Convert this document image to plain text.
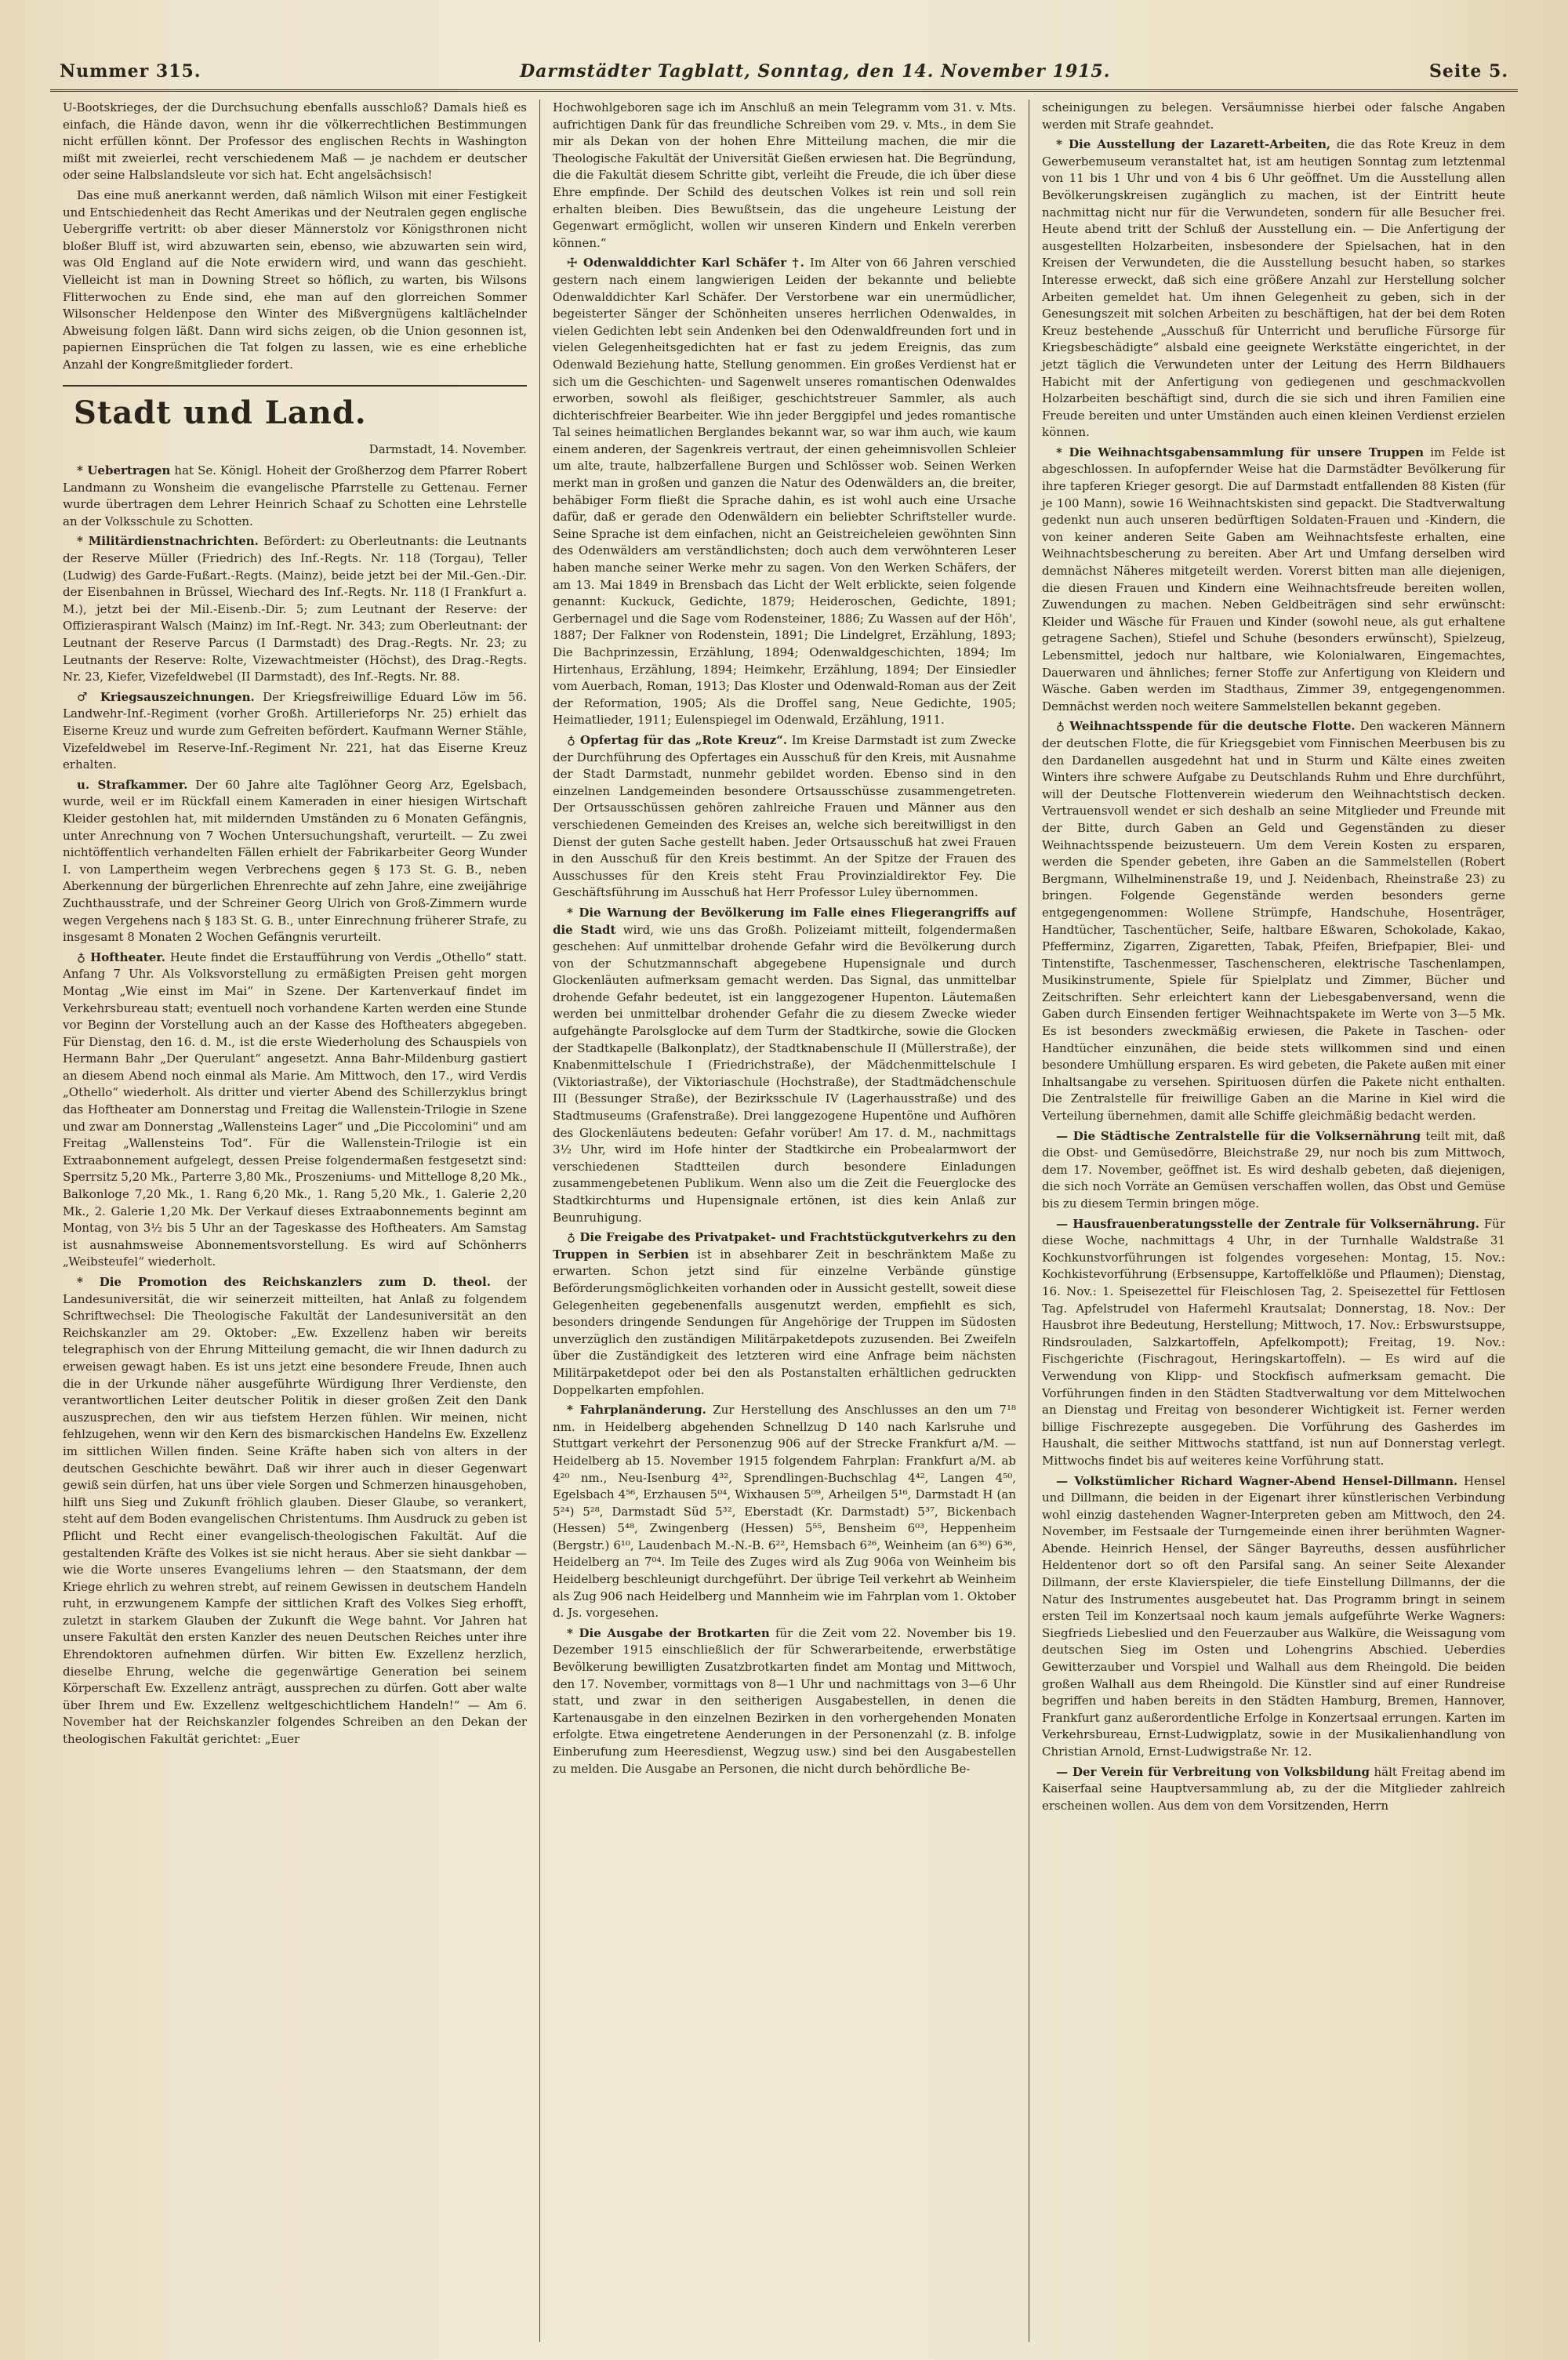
Nummer 315.	Darmstädter Tagblatt, Sonntag, den 14. November 1915.	Seite 5.

U-Bootskrieges, der die Durchsuchung ebenfalls ausschloß? Damals hieß es einfach, die Hände davon, wenn ihr die völkerrechtlichen Bestimmungen nicht erfüllen könnt. Der Professor des englischen Rechts in Washington mißt mit zweierlei, recht verschiedenem Maß — je nachdem er deutscher oder seine Halbslandsleute vor sich hat. Echt angelsächsisch!

Das eine muß anerkannt werden, daß nämlich Wilson mit einer Festigkeit und Entschiedenheit das Recht Amerikas und der Neutralen gegen englische Uebergriffe vertritt: ob aber dieser Männerstolz vor Königsthronen nicht bloßer Bluff ist, wird abzuwarten sein, ebenso, wie abzuwarten sein wird, was Old England auf die Note erwidern wird, und wann das geschieht. Vielleicht ist man in Downing Street so höflich, zu warten, bis Wilsons Flitterwochen zu Ende sind, ehe man auf den glorreichen Sommer Wilsonscher Heldenpose den Winter des Mißvergnügens kaltlächelnder Abweisung folgen läßt. Dann wird sichs zeigen, ob die Union gesonnen ist, papiernen Einsprüchen die Tat folgen zu lassen, wie es eine erhebliche Anzahl der Kongreßmitglieder fordert.

Stadt und Land.
Darmstadt, 14. November.

* Uebertragen hat Se. Königl. Hoheit der Großherzog dem Pfarrer Robert Landmann zu Wonsheim die evangelische Pfarrstelle zu Gettenau. Ferner wurde übertragen dem Lehrer Heinrich Schaaf zu Schotten eine Lehrstelle an der Volksschule zu Schotten.

* Militärdienstnachrichten. Befördert: zu Oberleutnants: die Leutnants der Reserve Müller (Friedrich) des Inf.-Regts. Nr. 118 (Torgau), Teller (Ludwig) des Garde-Fußart.-Regts. (Mainz), beide jetzt bei der Mil.-Gen.-Dir. der Eisenbahnen in Brüssel, Wiechard des Inf.-Regts. Nr. 118 (I Frankfurt a. M.), jetzt bei der Mil.-Eisenb.-Dir. 5; zum Leutnant der Reserve: der Offizieraspirant Walsch (Mainz) im Inf.-Regt. Nr. 343; zum Oberleutnant: der Leutnant der Reserve Parcus (I Darmstadt) des Drag.-Regts. Nr. 23; zu Leutnants der Reserve: Rolte, Vizewachtmeister (Höchst), des Drag.-Regts. Nr. 23, Kiefer, Vizefeldwebel (II Darmstadt), des Inf.-Regts. Nr. 88.

♂ Kriegsauszeichnungen. Der Kriegsfreiwillige Eduard Löw im 56. Landwehr-Inf.-Regiment (vorher Großh. Artillerieforps Nr. 25) erhielt das Eiserne Kreuz und wurde zum Gefreiten befördert. Kaufmann Werner Stähle, Vizefeldwebel im Reserve-Inf.-Regiment Nr. 221, hat das Eiserne Kreuz erhalten.

u. Strafkammer. Der 60 Jahre alte Taglöhner Georg Arz, Egelsbach, wurde, weil er im Rückfall einem Kameraden in einer hiesigen Wirtschaft Kleider gestohlen hat, mit mildernden Umständen zu 6 Monaten Gefängnis, unter Anrechnung von 7 Wochen Untersuchungshaft, verurteilt. — Zu zwei nichtöffentlich verhandelten Fällen erhielt der Fabrikarbeiter Georg Wunder I. von Lampertheim wegen Verbrechens gegen § 173 St. G. B., neben Aberkennung der bürgerlichen Ehrenrechte auf zehn Jahre, eine zweijährige Zuchthausstrafe, und der Schreiner Georg Ulrich von Groß-Zimmern wurde wegen Vergehens nach § 183 St. G. B., unter Einrechnung früherer Strafe, zu insgesamt 8 Monaten 2 Wochen Gefängnis verurteilt.

♁ Hoftheater. Heute findet die Erstaufführung von Verdis „Othello“ statt. Anfang 7 Uhr. Als Volksvorstellung zu ermäßigten Preisen geht morgen Montag „Wie einst im Mai“ in Szene. Der Kartenverkauf findet im Verkehrsbureau statt; eventuell noch vorhandene Karten werden eine Stunde vor Beginn der Vorstellung auch an der Kasse des Hoftheaters abgegeben. Für Dienstag, den 16. d. M., ist die erste Wiederholung des Schauspiels von Hermann Bahr „Der Querulant“ angesetzt. Anna Bahr-Mildenburg gastiert an diesem Abend noch einmal als Marie. Am Mittwoch, den 17., wird Verdis „Othello“ wiederholt. Als dritter und vierter Abend des Schillerzyklus bringt das Hoftheater am Donnerstag und Freitag die Wallenstein-Trilogie in Szene und zwar am Donnerstag „Wallensteins Lager“ und „Die Piccolomini“ und am Freitag „Wallensteins Tod“. Für die Wallenstein-Trilogie ist ein Extraabonnement aufgelegt, dessen Preise folgendermaßen festgesetzt sind: Sperrsitz 5,20 Mk., Parterre 3,80 Mk., Proszeniums- und Mittelloge 8,20 Mk., Balkonloge 7,20 Mk., 1. Rang 6,20 Mk., 1. Rang 5,20 Mk., 1. Galerie 2,20 Mk., 2. Galerie 1,20 Mk. Der Verkauf dieses Extraabonnements beginnt am Montag, von 3½ bis 5 Uhr an der Tageskasse des Hoftheaters. Am Samstag ist ausnahmsweise Abonnementsvorstellung. Es wird auf Schönherrs „Weibsteufel“ wiederholt.

* Die Promotion des Reichskanzlers zum D. theol. der Landesuniversität, die wir seinerzeit mitteilten, hat Anlaß zu folgendem Schriftwechsel: Die Theologische Fakultät der Landesuniversität an den Reichskanzler am 29. Oktober: „Ew. Exzellenz haben wir bereits telegraphisch von der Ehrung Mitteilung gemacht, die wir Ihnen dadurch zu erweisen gewagt haben. Es ist uns jetzt eine besondere Freude, Ihnen auch die in der Urkunde näher ausgeführte Würdigung Ihrer Verdienste, den verantwortlichen Leiter deutscher Politik in dieser großen Zeit den Dank auszusprechen, den wir aus tiefstem Herzen fühlen. Wir meinen, nicht fehlzugehen, wenn wir den Kern des bismarckischen Handelns Ew. Exzellenz im sittlichen Willen finden. Seine Kräfte haben sich von alters in der deutschen Geschichte bewährt. Daß wir ihrer auch in dieser Gegenwart gewiß sein dürfen, hat uns über viele Sorgen und Schmerzen hinausgehoben, hilft uns Sieg und Zukunft fröhlich glauben. Dieser Glaube, so verankert, steht auf dem Boden evangelischen Christentums. Ihm Ausdruck zu geben ist Pflicht und Recht einer evangelisch-theologischen Fakultät. Auf die gestaltenden Kräfte des Volkes ist sie nicht heraus. Aber sie sieht dankbar — wie die Worte unseres Evangeliums lehren — den Staatsmann, der dem Kriege ehrlich zu wehren strebt, auf reinem Gewissen in deutschem Handeln ruht, in erzwungenem Kampfe der sittlichen Kraft des Volkes Sieg erhofft, zuletzt in starkem Glauben der Zukunft die Wege bahnt. Vor Jahren hat unsere Fakultät den ersten Kanzler des neuen Deutschen Reiches unter ihre Ehrendoktoren aufnehmen dürfen. Wir bitten Ew. Exzellenz herzlich, dieselbe Ehrung, welche die gegenwärtige Generation bei seinem Körperschaft Ew. Exzellenz anträgt, aussprechen zu dürfen. Gott aber walte über Ihrem und Ew. Exzellenz weltgeschichtlichem Handeln!“ — Am 6. November hat der Reichskanzler folgendes Schreiben an den Dekan der theologischen Fakultät gerichtet: „Euer

Hochwohlgeboren sage ich im Anschluß an mein Telegramm vom 31. v. Mts. aufrichtigen Dank für das freundliche Schreiben vom 29. v. Mts., in dem Sie mir als Dekan von der hohen Ehre Mitteilung machen, die mir die Theologische Fakultät der Universität Gießen erwiesen hat. Die Begründung, die die Fakultät diesem Schritte gibt, verleiht die Freude, die ich über diese Ehre empfinde. Der Schild des deutschen Volkes ist rein und soll rein erhalten bleiben. Dies Bewußtsein, das die ungeheure Leistung der Gegenwart ermöglicht, wollen wir unseren Kindern und Enkeln vererben können.“

☩ Odenwalddichter Karl Schäfer †. Im Alter von 66 Jahren verschied gestern nach einem langwierigen Leiden der bekannte und beliebte Odenwalddichter Karl Schäfer. Der Verstorbene war ein unermüdlicher, begeisterter Sänger der Schönheiten unseres herrlichen Odenwaldes, in vielen Gedichten lebt sein Andenken bei den Odenwaldfreunden fort und in vielen Gelegenheitsgedichten hat er fast zu jedem Ereignis, das zum Odenwald Beziehung hatte, Stellung genommen. Ein großes Verdienst hat er sich um die Geschichten- und Sagenwelt unseres romantischen Odenwaldes erworben, sowohl als fleißiger, geschichtstreuer Sammler, als auch dichterischfreier Bearbeiter. Wie ihn jeder Berggipfel und jedes romantische Tal seines heimatlichen Berglandes bekannt war, so war ihm auch, wie kaum einem anderen, der Sagenkreis vertraut, der einen geheimnisvollen Schleier um alte, traute, halbzerfallene Burgen und Schlösser wob. Seinen Werken merkt man in großen und ganzen die Natur des Odenwälders an, die breiter, behäbiger Form fließt die Sprache dahin, es ist wohl auch eine Ursache dafür, daß er gerade den Odenwäldern ein beliebter Schriftsteller wurde. Seine Sprache ist dem einfachen, nicht an Geistreicheleien gewöhnten Sinn des Odenwälders am verständlichsten; doch auch dem verwöhnteren Leser haben manche seiner Werke mehr zu sagen. Von den Werken Schäfers, der am 13. Mai 1849 in Brensbach das Licht der Welt erblickte, seien folgende genannt: Kuckuck, Gedichte, 1879; Heideroschen, Gedichte, 1891; Gerbernagel und die Sage vom Rodensteiner, 1886; Zu Wassen auf der Höh', 1887; Der Falkner von Rodenstein, 1891; Die Lindelgret, Erzählung, 1893; Die Bachprinzessin, Erzählung, 1894; Odenwaldgeschichten, 1894; Im Hirtenhaus, Erzählung, 1894; Heimkehr, Erzählung, 1894; Der Einsiedler vom Auerbach, Roman, 1913; Das Kloster und Odenwald-Roman aus der Zeit der Reformation, 1905; Als die Droffel sang, Neue Gedichte, 1905; Heimatlieder, 1911; Eulenspiegel im Odenwald, Erzählung, 1911.

♁ Opfertag für das „Rote Kreuz“. Im Kreise Darmstadt ist zum Zwecke der Durchführung des Opfertages ein Ausschuß für den Kreis, mit Ausnahme der Stadt Darmstadt, nunmehr gebildet worden. Ebenso sind in den einzelnen Landgemeinden besondere Ortsausschüsse zusammengetreten. Der Ortsausschüssen gehören zahlreiche Frauen und Männer aus den verschiedenen Gemeinden des Kreises an, welche sich bereitwilligst in den Dienst der guten Sache gestellt haben. Jeder Ortsausschuß hat zwei Frauen in den Ausschuß für den Kreis bestimmt. An der Spitze der Frauen des Ausschusses für den Kreis steht Frau Provinzialdirektor Fey. Die Geschäftsführung im Ausschuß hat Herr Professor Luley übernommen.

* Die Warnung der Bevölkerung im Falle eines Fliegerangriffs auf die Stadt wird, wie uns das Großh. Polizeiamt mitteilt, folgendermaßen geschehen: Auf unmittelbar drohende Gefahr wird die Bevölkerung durch von der Schutzmannschaft abgegebene Hupensignale und durch Glockenläuten aufmerksam gemacht werden. Das Signal, das unmittelbar drohende Gefahr bedeutet, ist ein langgezogener Hupenton. Läutemaßen werden bei unmittelbar drohender Gefahr die zu diesem Zwecke wieder aufgehängte Parolsglocke auf dem Turm der Stadtkirche, sowie die Glocken der Stadtkapelle (Balkonplatz), der Stadtknabenschule II (Müllerstraße), der Knabenmittelschule I (Friedrichstraße), der Mädchenmittelschule I (Viktoriastraße), der Viktoriaschule (Hochstraße), der Stadtmädchenschule III (Bessunger Straße), der Bezirksschule IV (Lagerhausstraße) und des Stadtmuseums (Grafenstraße). Drei langgezogene Hupentöne und Aufhören des Glockenläutens bedeuten: Gefahr vorüber! Am 17. d. M., nachmittags 3½ Uhr, wird im Hofe hinter der Stadtkirche ein Probealarmwort der verschiedenen Stadtteilen durch besondere Einladungen zusammengebetenen Publikum. Wenn also um die Zeit die Feuerglocke des Stadtkirchturms und Hupensignale ertönen, ist dies kein Anlaß zur Beunruhigung.

♁ Die Freigabe des Privatpaket- und Frachtstückgutverkehrs zu den Truppen in Serbien ist in absehbarer Zeit in beschränktem Maße zu erwarten. Schon jetzt sind für einzelne Verbände günstige Beförderungsmöglichkeiten vorhanden oder in Aussicht gestellt, soweit diese Gelegenheiten gegebenenfalls ausgenutzt werden, empfiehlt es sich, besonders dringende Sendungen für Angehörige der Truppen im Südosten unverzüglich den zuständigen Militärpaketdepots zuzusenden. Bei Zweifeln über die Zuständigkeit des letzteren wird eine Anfrage beim nächsten Militärpaketdepot oder bei den als Postanstalten erhältlichen gedruckten Doppelkarten empfohlen.

* Fahrplanänderung. Zur Herstellung des Anschlusses an den um 7¹⁸ nm. in Heidelberg abgehenden Schnellzug D 140 nach Karlsruhe und Stuttgart verkehrt der Personenzug 906 auf der Strecke Frankfurt a/M. — Heidelberg ab 15. November 1915 folgendem Fahrplan: Frankfurt a/M. ab 4²⁰ nm., Neu-Isenburg 4³², Sprendlingen-Buchschlag 4⁴², Langen 4⁵⁰, Egelsbach 4⁵⁶, Erzhausen 5⁰⁴, Wixhausen 5⁰⁹, Arheilgen 5¹⁶, Darmstadt H (an 5²⁴) 5²⁸, Darmstadt Süd 5³², Eberstadt (Kr. Darmstadt) 5³⁷, Bickenbach (Hessen) 5⁴⁸, Zwingenberg (Hessen) 5⁵⁵, Bensheim 6⁰³, Heppenheim (Bergstr.) 6¹⁰, Laudenbach M.-N.-B. 6²², Hemsbach 6²⁶, Weinheim (an 6³⁰) 6³⁶, Heidelberg an 7⁰⁴. Im Teile des Zuges wird als Zug 906a von Weinheim bis Heidelberg beschleunigt durchgeführt. Der übrige Teil verkehrt ab Weinheim als Zug 906 nach Heidelberg und Mannheim wie im Fahrplan vom 1. Oktober d. Js. vorgesehen.

* Die Ausgabe der Brotkarten für die Zeit vom 22. November bis 19. Dezember 1915 einschließlich der für Schwerarbeitende, erwerbstätige Bevölkerung bewilligten Zusatzbrotkarten findet am Montag und Mittwoch, den 17. November, vormittags von 8—1 Uhr und nachmittags von 3—6 Uhr statt, und zwar in den seitherigen Ausgabestellen, in denen die Kartenausgabe in den einzelnen Bezirken in den vorhergehenden Monaten erfolgte. Etwa eingetretene Aenderungen in der Personenzahl (z. B. infolge Einberufung zum Heeresdienst, Wegzug usw.) sind bei den Ausgabestellen zu melden. Die Ausgabe an Personen, die nicht durch behördliche Be-

scheinigungen zu belegen. Versäumnisse hierbei oder falsche Angaben werden mit Strafe geahndet.

* Die Ausstellung der Lazarett-Arbeiten, die das Rote Kreuz in dem Gewerbemuseum veranstaltet hat, ist am heutigen Sonntag zum letztenmal von 11 bis 1 Uhr und von 4 bis 6 Uhr geöffnet. Um die Ausstellung allen Bevölkerungskreisen zugänglich zu machen, ist der Eintritt heute nachmittag nicht nur für die Verwundeten, sondern für alle Besucher frei. Heute abend tritt der Schluß der Ausstellung ein. — Die Anfertigung der ausgestellten Holzarbeiten, insbesondere der Spielsachen, hat in den Kreisen der Verwundeten, die die Ausstellung besucht haben, so starkes Interesse erweckt, daß sich eine größere Anzahl zur Herstellung solcher Arbeiten gemeldet hat. Um ihnen Gelegenheit zu geben, sich in der Genesungszeit mit solchen Arbeiten zu beschäftigen, hat der bei dem Roten Kreuz bestehende „Ausschuß für Unterricht und berufliche Fürsorge für Kriegsbeschädigte“ alsbald eine geeignete Werkstätte eingerichtet, in der jetzt täglich die Verwundeten unter der Leitung des Herrn Bildhauers Habicht mit der Anfertigung von gediegenen und geschmackvollen Holzarbeiten beschäftigt sind, durch die sie sich und ihren Familien eine Freude bereiten und unter Umständen auch einen kleinen Verdienst erzielen können.

* Die Weihnachtsgabensammlung für unsere Truppen im Felde ist abgeschlossen. In aufopfernder Weise hat die Darmstädter Bevölkerung für ihre tapferen Krieger gesorgt. Die auf Darmstadt entfallenden 88 Kisten (für je 100 Mann), sowie 16 Weihnachtskisten sind gepackt. Die Stadtverwaltung gedenkt nun auch unseren bedürftigen Soldaten-Frauen und -Kindern, die von keiner anderen Seite Gaben am Weihnachtsfeste erhalten, eine Weihnachtsbescherung zu bereiten. Aber Art und Umfang derselben wird demnächst Näheres mitgeteilt werden. Vorerst bitten man alle diejenigen, die diesen Frauen und Kindern eine Weihnachtsfreude bereiten wollen, Zuwendungen zu machen. Neben Geldbeiträgen sind sehr erwünscht: Kleider und Wäsche für Frauen und Kinder (sowohl neue, als gut erhaltene getragene Sachen), Stiefel und Schuhe (besonders erwünscht), Spielzeug, Lebensmittel, jedoch nur haltbare, wie Kolonialwaren, Eingemachtes, Dauerwaren und ähnliches; ferner Stoffe zur Anfertigung von Kleidern und Wäsche. Gaben werden im Stadthaus, Zimmer 39, entgegengenommen. Demnächst werden noch weitere Sammelstellen bekannt gegeben.

♁ Weihnachtsspende für die deutsche Flotte. Den wackeren Männern der deutschen Flotte, die für Kriegsgebiet vom Finnischen Meerbusen bis zu den Dardanellen ausgedehnt hat und in Sturm und Kälte eines zweiten Winters ihre schwere Aufgabe zu Deutschlands Ruhm und Ehre durchführt, will der Deutsche Flottenverein wiederum den Weihnachtstisch decken. Vertrauensvoll wendet er sich deshalb an seine Mitglieder und Freunde mit der Bitte, durch Gaben an Geld und Gegenständen zu dieser Weihnachtsspende beizusteuern. Um dem Verein Kosten zu ersparen, werden die Spender gebeten, ihre Gaben an die Sammelstellen (Robert Bergmann, Wilhelminenstraße 19, und J. Neidenbach, Rheinstraße 23) zu bringen. Folgende Gegenstände werden besonders gerne entgegengenommen: Wollene Strümpfe, Handschuhe, Hosenträger, Handtücher, Taschentücher, Seife, haltbare Eßwaren, Schokolade, Kakao, Pfefferminz, Zigarren, Zigaretten, Tabak, Pfeifen, Briefpapier, Blei- und Tintenstifte, Taschenmesser, Taschenscheren, elektrische Taschenlampen, Musikinstrumente, Spiele für Spielplatz und Zimmer, Bücher und Zeitschriften. Sehr erleichtert kann der Liebesgabenversand, wenn die Gaben durch Einsenden fertiger Weihnachtspakete im Werte von 3—5 Mk. Es ist besonders zweckmäßig erwiesen, die Pakete in Taschen- oder Handtücher einzunähen, die beide stets willkommen sind und einen besondere Umhüllung ersparen. Es wird gebeten, die Pakete außen mit einer Inhaltsangabe zu versehen. Spirituosen dürfen die Pakete nicht enthalten. Die Zentralstelle für freiwillige Gaben an die Marine in Kiel wird die Verteilung übernehmen, damit alle Schiffe gleichmäßig bedacht werden.

— Die Städtische Zentralstelle für die Volksernährung teilt mit, daß die Obst- und Gemüsedörre, Bleichstraße 29, nur noch bis zum Mittwoch, dem 17. November, geöffnet ist. Es wird deshalb gebeten, daß diejenigen, die sich noch Vorräte an Gemüsen verschaffen wollen, das Obst und Gemüse bis zu diesem Termin bringen möge.

— Hausfrauenberatungsstelle der Zentrale für Volksernährung. Für diese Woche, nachmittags 4 Uhr, in der Turnhalle Waldstraße 31 Kochkunstvorführungen ist folgendes vorgesehen: Montag, 15. Nov.: Kochkistevorführung (Erbsensuppe, Kartoffelklöße und Pflaumen); Dienstag, 16. Nov.: 1. Speisezettel für Fleischlosen Tag, 2. Speisezettel für Fettlosen Tag. Apfelstrudel von Hafermehl Krautsalat; Donnerstag, 18. Nov.: Der Hausbrot ihre Bedeutung, Herstellung; Mittwoch, 17. Nov.: Erbswurstsuppe, Rindsrouladen, Salzkartoffeln, Apfelkompott); Freitag, 19. Nov.: Fischgerichte (Fischragout, Heringskartoffeln). — Es wird auf die Verwendung von Klipp- und Stockfisch aufmerksam gemacht. Die Vorführungen finden in den Städten Stadtverwaltung vor dem Mittelwochen an Dienstag und Freitag von besonderer Wichtigkeit ist. Ferner werden billige Fischrezepte ausgegeben. Die Vorführung des Gasherdes im Haushalt, die seither Mittwochs stattfand, ist nun auf Donnerstag verlegt. Mittwochs findet bis auf weiteres keine Vorführung statt.

— Volkstümlicher Richard Wagner-Abend Hensel-Dillmann. Hensel und Dillmann, die beiden in der Eigenart ihrer künstlerischen Verbindung wohl einzig dastehenden Wagner-Interpreten geben am Mittwoch, den 24. November, im Festsaale der Turngemeinde einen ihrer berühmten Wagner-Abende. Heinrich Hensel, der Sänger Bayreuths, dessen ausführlicher Heldentenor dort so oft den Parsifal sang. An seiner Seite Alexander Dillmann, der erste Klavierspieler, die tiefe Einstellung Dillmanns, der die Natur des Instrumentes ausgebeutet hat. Das Programm bringt in seinem ersten Teil im Konzertsaal noch kaum jemals aufgeführte Werke Wagners: Siegfrieds Liebeslied und den Feuerzauber aus Walküre, die Weissagung vom deutschen Sieg im Osten und Lohengrins Abschied. Ueberdies Gewitterzauber und Vorspiel und Walhall aus dem Rheingold. Die beiden großen Walhall aus dem Rheingold. Die Künstler sind auf einer Rundreise begriffen und haben bereits in den Städten Hamburg, Bremen, Hannover, Frankfurt ganz außerordentliche Erfolge in Konzertsaal errungen. Karten im Verkehrsbureau, Ernst-Ludwigplatz, sowie in der Musikalienhandlung von Christian Arnold, Ernst-Ludwigstraße Nr. 12.

— Der Verein für Verbreitung von Volksbildung hält Freitag abend im Kaiserfaal seine Hauptversammlung ab, zu der die Mitglieder zahlreich erscheinen wollen. Aus dem von dem Vorsitzenden, Herrn
